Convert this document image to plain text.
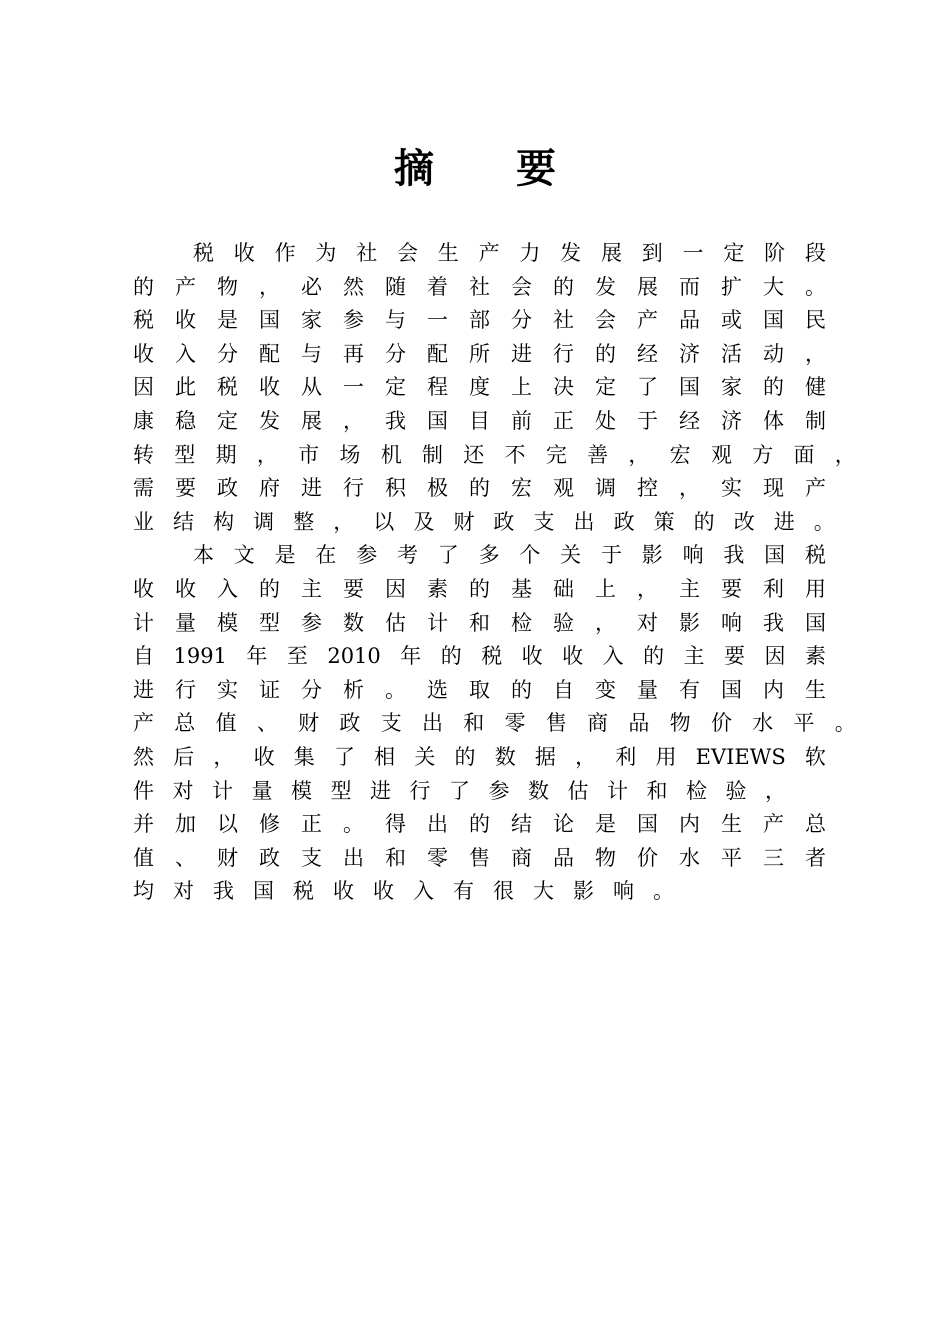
摘 要
税 收 作 为 社 会 生 产 力 发 展 到 一 定 阶 段
的 产 物 ， 必 然 随 着 社 会 的 发 展 而 扩 大 。
税 收 是 国 家 参 与 一 部 分 社 会 产 品 或 国 民
收 入 分 配 与 再 分 配 所 进 行 的 经 济 活 动 ，
因 此 税 收 从 一 定 程 度 上 决 定 了 国 家 的 健
康 稳 定 发 展 ， 我 国 目 前 正 处 于 经 济 体 制
转 型 期 ， 市 场 机 制 还 不 完 善 ， 宏 观 方 面 ，
需 要 政 府 进 行 积 极 的 宏 观 调 控 ， 实 现 产
业 结 构 调 整 ， 以 及 财 政 支 出 政 策 的 改 进 。
本 文 是 在 参 考 了 多 个 关 于 影 响 我 国 税
收 收 入 的 主 要 因 素 的 基 础 上 ， 主 要 利 用
计 量 模 型 参 数 估 计 和 检 验 ， 对 影 响 我 国
自 1991 年 至 2010 年 的 税 收 收 入 的 主 要 因 素
进 行 实 证 分 析 。 选 取 的 自 变 量 有 国 内 生
产 总 值 、 财 政 支 出 和 零 售 商 品 物 价 水 平 。
然 后 ， 收 集 了 相 关 的 数 据 ， 利 用 EVIEWS 软
件 对 计 量 模 型 进 行 了 参 数 估 计 和 检 验 ，
并 加 以 修 正 。 得 出 的 结 论 是 国 内 生 产 总
值 、 财 政 支 出 和 零 售 商 品 物 价 水 平 三 者
均 对 我 国 税 收 收 入 有 很 大 影 响 。
